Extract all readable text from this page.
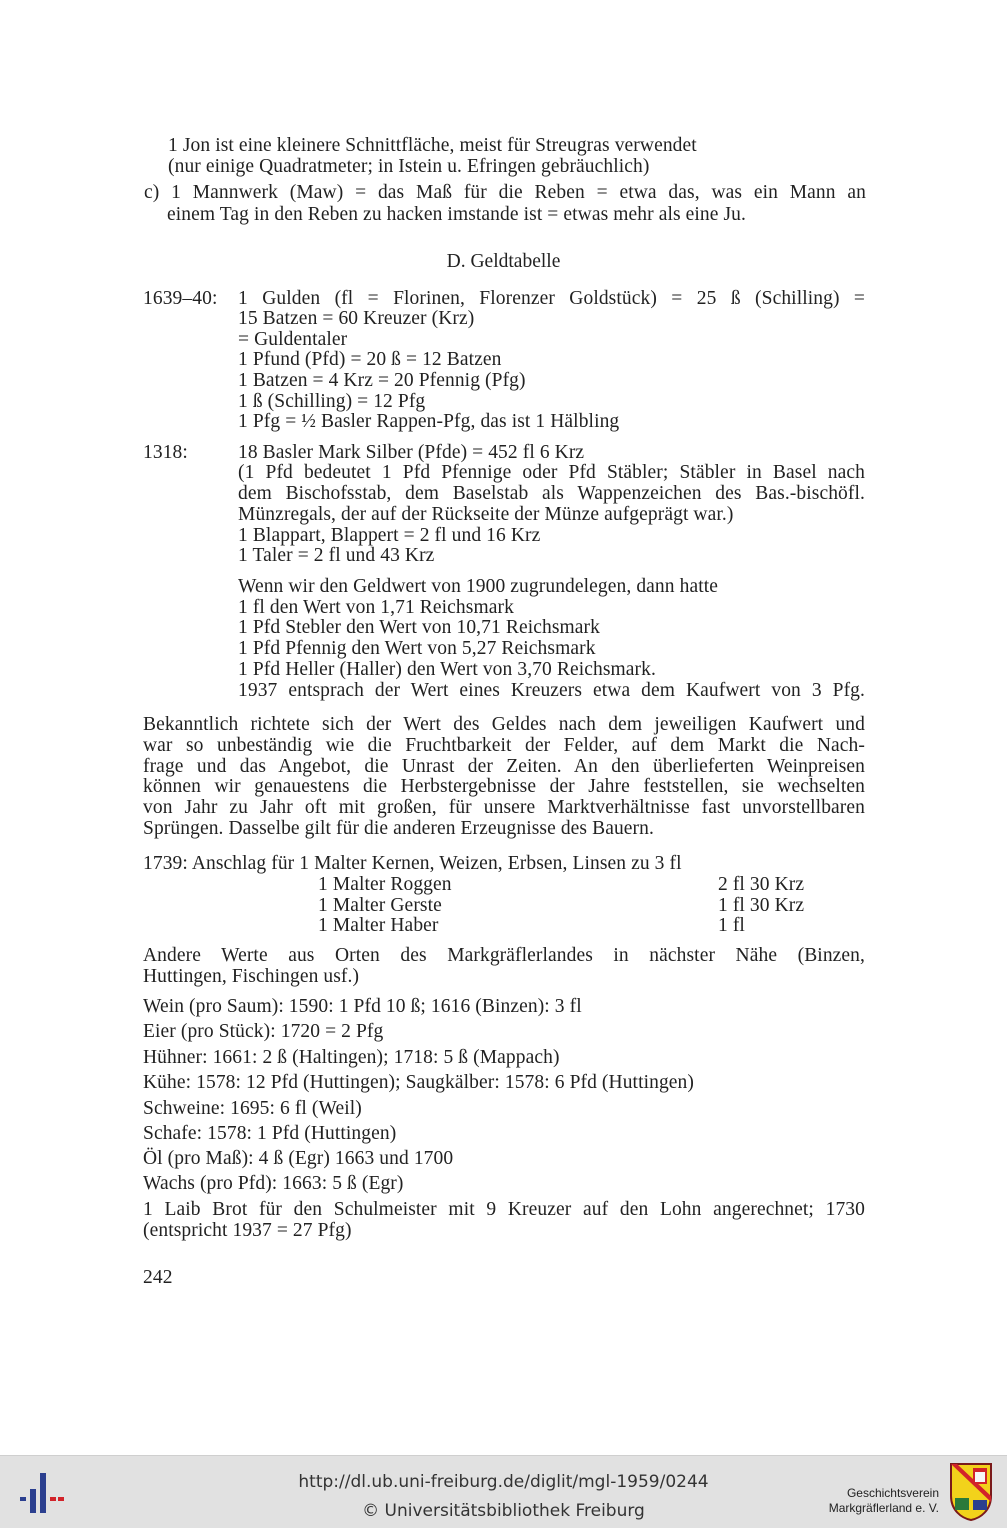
1 Jon ist eine kleinere Schnittfläche, meist für Streugras verwendet
(nur einige Quadratmeter; in Istein u. Efringen gebräuchlich)
c) 1 Mannwerk (Maw) = das Maß für die Reben = etwa das, was ein Mann an
einem Tag in den Reben zu hacken imstande ist = etwas mehr als eine Ju.
D. Geldtabelle
1639–40: 1 Gulden (fl = Florinen, Florenzer Goldstück) = 25 ß (Schilling) =
15 Batzen = 60 Kreuzer (Krz)
= Guldentaler
1 Pfund (Pfd) = 20 ß = 12 Batzen
1 Batzen = 4 Krz = 20 Pfennig (Pfg)
1 ß (Schilling) = 12 Pfg
1 Pfg = ½ Basler Rappen-Pfg, das ist 1 Hälbling
1318:	18 Basler Mark Silber (Pfde) = 452 fl 6 Krz
(1 Pfd bedeutet 1 Pfd Pfennige oder Pfd Stäbler; Stäbler in Basel nach
dem Bischofsstab, dem Baselstab als Wappenzeichen des Bas.-bischöfl.
Münzregals, der auf der Rückseite der Münze aufgeprägt war.)
1 Blappart, Blappert = 2 fl und 16 Krz
1 Taler = 2 fl und 43 Krz
Wenn wir den Geldwert von 1900 zugrundelegen, dann hatte
1 fl den Wert von 1,71 Reichsmark
1 Pfd Stebler den Wert von 10,71 Reichsmark
1 Pfd Pfennig den Wert von 5,27 Reichsmark
1 Pfd Heller (Haller) den Wert von 3,70 Reichsmark.
1937 entsprach der Wert eines Kreuzers etwa dem Kaufwert von 3 Pfg.
Bekanntlich richtete sich der Wert des Geldes nach dem jeweiligen Kaufwert und
war so unbeständig wie die Fruchtbarkeit der Felder, auf dem Markt die Nach-
frage und das Angebot, die Unrast der Zeiten. An den überlieferten Weinpreisen
können wir genauestens die Herbstergebnisse der Jahre feststellen, sie wechselten
von Jahr zu Jahr oft mit großen, für unsere Marktverhältnisse fast unvorstellbaren
Sprüngen. Dasselbe gilt für die anderen Erzeugnisse des Bauern.
1739: Anschlag für 1 Malter Kernen, Weizen, Erbsen, Linsen zu 3 fl
1 Malter Roggen	2 fl 30 Krz
1 Malter Gerste	1 fl 30 Krz
1 Malter Haber	1 fl
Andere Werte aus Orten des Markgräflerlandes in nächster Nähe (Binzen,
Huttingen, Fischingen usf.)
Wein (pro Saum): 1590: 1 Pfd 10 ß; 1616 (Binzen): 3 fl
Eier (pro Stück): 1720 = 2 Pfg
Hühner: 1661: 2 ß (Haltingen); 1718: 5 ß (Mappach)
Kühe: 1578: 12 Pfd (Huttingen); Saugkälber: 1578: 6 Pfd (Huttingen)
Schweine: 1695: 6 fl (Weil)
Schafe: 1578: 1 Pfd (Huttingen)
Öl (pro Maß): 4 ß (Egr) 1663 und 1700
Wachs (pro Pfd): 1663: 5 ß (Egr)
1 Laib Brot für den Schulmeister mit 9 Kreuzer auf den Lohn angerechnet; 1730
(entspricht 1937 = 27 Pfg)
242
http://dl.ub.uni-freiburg.de/diglit/mgl-1959/0244
© Universitätsbibliothek Freiburg
Geschichtsverein
Markgräflerland e. V.
